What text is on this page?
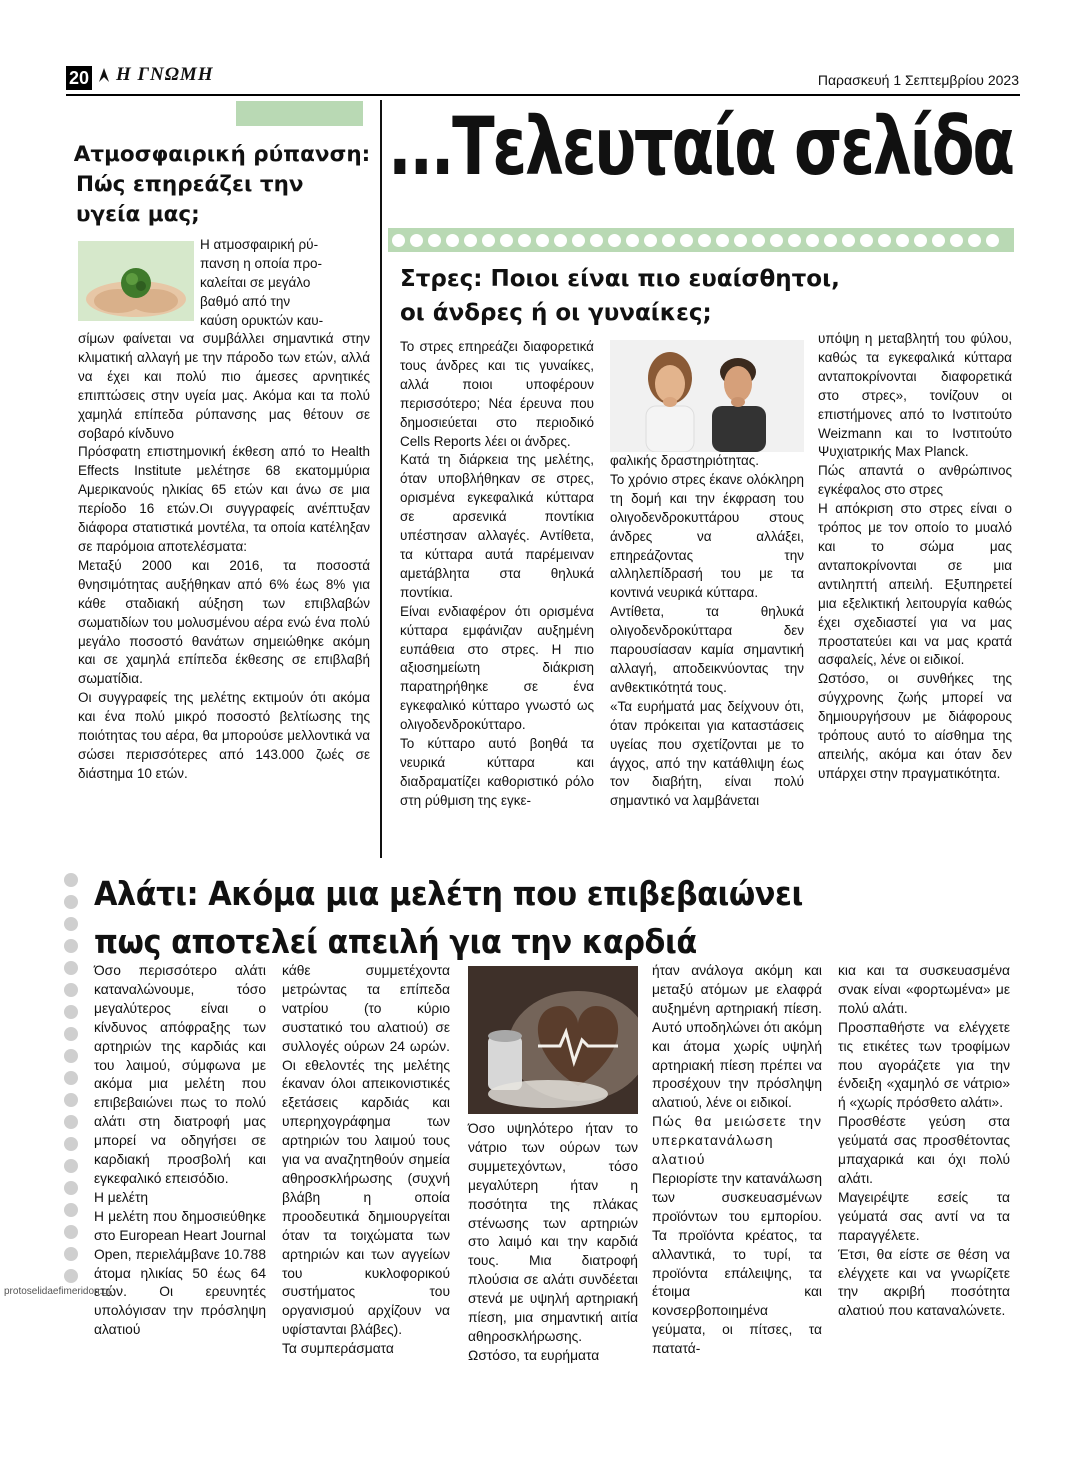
20 Η ΓΝΩΜΗ	Παρασκευή 1 Σεπτεμβρίου 2023
...Τελευταία σελίδα
Ατμοσφαιρική ρύπανση:
Πώς επηρεάζει την
υγεία μας;

Η ατμοσφαιρική ρύ-

πανση η οποία προ-

καλείται σε μεγάλο

βαθμό από την

καύση ορυκτών καυ-

σίμων φαίνεται να συμβάλλει σημαντικά στην κλιματική αλλαγή με την πάροδο των ετών, αλλά να έχει και πολύ πιο άμεσες αρνητικές επιπτώσεις στην υγεία μας. Ακόμα και τα πολύ χαμηλά επίπεδα ρύπανσης μας θέτουν σε σοβαρό κίνδυνο

Πρόσφατη επιστημονική έκθεση από το Health Effects Institute μελέτησε 68 εκατομμύρια Αμερικανούς ηλικίας 65 ετών και άνω σε μια περίοδο 16 ετών.Οι συγγραφείς ανέπτυξαν διάφορα στατιστικά μοντέλα, τα οποία κατέληξαν σε παρόμοια αποτελέσματα:

Μεταξύ 2000 και 2016, τα ποσοστά θνησιμότητας αυξήθηκαν από 6% έως 8% για κάθε σταδιακή αύξηση των επιβλαβών σωματιδίων του μολυσμένου αέρα ενώ ένα πολύ μεγάλο ποσοστό θανάτων σημειώθηκε ακόμη και σε χαμηλά επίπεδα έκθεσης σε επιβλαβή σωματίδια.

Οι συγγραφείς της μελέτης εκτιμούν ότι ακόμα και ένα πολύ μικρό ποσοστό βελτίωσης της ποιότητας του αέρα, θα μπορούσε μελλοντικά να σώσει περισσότερες από 143.000 ζωές σε διάστημα 10 ετών.

Στρες: Ποιοι είναι πιο ευαίσθητοι,
οι άνδρες ή οι γυναίκες;

Το στρες επηρεάζει διαφορετικά τους άνδρες και τις γυναίκες, αλλά ποιοι υποφέρουν περισσότερο; Νέα έρευνα που δημοσιεύεται στο περιοδικό Cells Reports λέει οι άνδρες.

Κατά τη διάρκεια της μελέτης, όταν υποβλήθηκαν σε στρες, ορισμένα εγκεφαλικά κύτταρα σε αρσενικά ποντίκια υπέστησαν αλλαγές. Αντίθετα, τα κύτταρα αυτά παρέμειναν αμετάβλητα στα θηλυκά ποντίκια.

Είναι ενδιαφέρον ότι ορισμένα κύτταρα εμφάνιζαν αυξημένη ευπάθεια στο στρες. Η πιο αξιοσημείωτη διάκριση παρατηρήθηκε σε ένα εγκεφαλικό κύτταρο γνωστό ως ολιγοδενδροκύτταρο.

Το κύτταρο αυτό βοηθά τα νευρικά κύτταρα και διαδραματίζει καθοριστικό ρόλο στη ρύθμιση της εγκε-

φαλικής δραστηριότητας.

Το χρόνιο στρες έκανε ολόκληρη τη δομή και την έκφραση του ολιγοδενδροκυττάρου στους άνδρες να αλλάξει, επηρεάζοντας την αλληλεπίδρασή του με τα κοντινά νευρικά κύτταρα.

Αντίθετα, τα θηλυκά ολιγοδενδροκύτταρα δεν παρουσίασαν καμία σημαντική αλλαγή, αποδεικνύοντας την ανθεκτικότητά τους.

«Τα ευρήματά μας δείχνουν ότι, όταν πρόκειται για καταστάσεις υγείας που σχετίζονται με το άγχος, από την κατάθλιψη έως τον διαβήτη, είναι πολύ σημαντικό να λαμβάνεται

υπόψη η μεταβλητή του φύλου, καθώς τα εγκεφαλικά κύτταρα ανταποκρίνονται διαφορετικά στο στρες», τονίζουν οι επιστήμονες από το Ινστιτούτο Weizmann και το Ινστιτούτο Ψυχιατρικής Max Planck.

Πώς απαντά ο ανθρώπινος εγκέφαλος στο στρες

Η απόκριση στο στρες είναι ο τρόπος με τον οποίο το μυαλό και το σώμα μας ανταποκρίνονται σε μια αντιληπτή απειλή. Εξυπηρετεί μια εξελικτική λειτουργία καθώς έχει σχεδιαστεί για να μας προστατεύει και να μας κρατά ασφαλείς, λένε οι ειδικοί.

Ωστόσο, οι συνθήκες της σύγχρονης ζωής μπορεί να δημιουργήσουν με διάφορους τρόπους αυτό το αίσθημα της απειλής, ακόμα και όταν δεν υπάρχει στην πραγματικότητα.

Αλάτι: Ακόμα μια μελέτη που επιβεβαιώνει
πως αποτελεί απειλή για την καρδιά

Όσο περισσότερο αλάτι καταναλώνουμε, τόσο μεγαλύτερος είναι ο κίνδυνος απόφραξης των αρτηριών της καρδιάς και του λαιμού, σύμφωνα με ακόμα μια μελέτη που επιβεβαιώνει πως το πολύ αλάτι στη διατροφή μας μπορεί να οδηγήσει σε καρδιακή προσβολή και εγκεφαλικό επεισόδιο.

Η μελέτη

Η μελέτη που δημοσιεύθηκε στο European Heart Journal Open, περιελάμβανε 10.788 άτομα ηλικίας 50 έως 64 ετών. Οι ερευνητές υπολόγισαν την πρόσληψη αλατιού

κάθε συμμετέχοντα μετρώντας τα επίπεδα νατρίου (το κύριο συστατικό του αλατιού) σε συλλογές ούρων 24 ωρών. Οι εθελοντές της μελέτης έκαναν όλοι απεικονιστικές εξετάσεις καρδιάς και υπερηχογράφημα των αρτηριών του λαιμού τους για να αναζητηθούν σημεία αθηροσκλήρωσης (συχνή βλάβη η οποία προοδευτικά δημιουργείται όταν τα τοιχώματα των αρτηριών και των αγγείων του κυκλοφορικού συστήματος του οργανισμού αρχίζουν να υφίστανται βλάβες).

Τα συμπεράσματα

Όσο υψηλότερο ήταν το νάτριο των ούρων των συμμετεχόντων, τόσο μεγαλύτερη ήταν η ποσότητα της πλάκας στένωσης των αρτηριών στο λαιμό και την καρδιά τους. Μια διατροφή πλούσια σε αλάτι συνδέεται στενά με υψηλή αρτηριακή πίεση, μια σημαντική αιτία αθηροσκλήρωσης.

Ωστόσο, τα ευρήματα

ήταν ανάλογα ακόμη και μεταξύ ατόμων με ελαφρά αυξημένη αρτηριακή πίεση. Αυτό υποδηλώνει ότι ακόμη και άτομα χωρίς υψηλή αρτηριακή πίεση πρέπει να προσέχουν την πρόσληψη αλατιού, λένε οι ειδικοί.

Πώς θα μειώσετε την υπερκατανάλωση αλατιού

Περιορίστε την κατανάλωση των συσκευασμένων προϊόντων του εμπορίου. Τα προϊόντα κρέατος, τα αλλαντικά, το τυρί, τα προϊόντα επάλειψης, τα έτοιμα και κονσερβοποιημένα γεύματα, οι πίτσες, τα πατατά-

κια και τα συσκευασμένα σνακ είναι «φορτωμένα» με πολύ αλάτι.

Προσπαθήστε να ελέγχετε τις ετικέτες των τροφίμων που αγοράζετε για την ένδειξη «χαμηλό σε νάτριο» ή «χωρίς πρόσθετο αλάτι».

Προσθέστε γεύση στα γεύματά σας προσθέτοντας μπαχαρικά και όχι πολύ αλάτι.

Μαγειρέψτε εσείς τα γεύματά σας αντί να τα παραγγέλετε.

Έτσι, θα είστε σε θέση να ελέγχετε και να γνωρίζετε την ακριβή ποσότητα αλατιού που καταναλώνετε.

protoselidaefimeridon.gr
